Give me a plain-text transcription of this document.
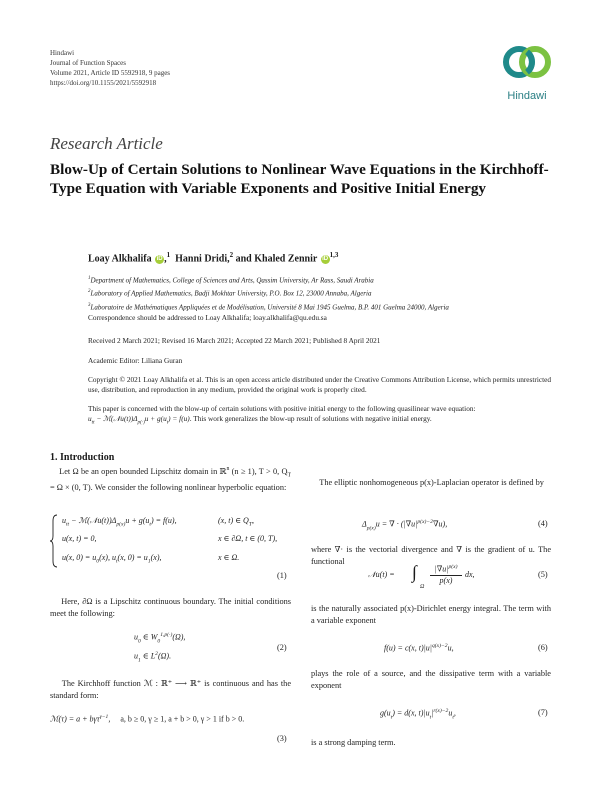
Hindawi
Journal of Function Spaces
Volume 2021, Article ID 5592918, 9 pages
https://doi.org/10.1155/2021/5592918
Hindawi
Research Article
Blow-Up of Certain Solutions to Nonlinear Wave Equations in the Kirchhoff-Type Equation with Variable Exponents and Positive Initial Energy
Loay Alkhalifa iD ,$^1$ Hanni Dridi,$^2$ and Khaled Zennir iD$^{1,3}$
$^1$Department of Mathematics, College of Sciences and Arts, Qassim University, Ar Rass, Saudi Arabia
$^2$Laboratory of Applied Mathematics, Badji Mokhtar University, P.O. Box 12, 23000 Annaba, Algeria
$^3$Laboratoire de Mathématiques Appliquées et de Modélisation, Université 8 Mai 1945 Guelma, B.P. 401 Guelma 24000, Algeria
Correspondence should be addressed to Loay Alkhalifa; loay.alkhalifa@qu.edu.sa
Received 2 March 2021; Revised 16 March 2021; Accepted 22 March 2021; Published 8 April 2021
Academic Editor: Liliana Guran
Copyright © 2021 Loay Alkhalifa et al. This is an open access article distributed under the Creative Commons Attribution License, which permits unrestricted use, distribution, and reproduction in any medium, provided the original work is properly cited.
This paper is concerned with the blow-up of certain solutions with positive initial energy to the following quasilinear wave equation:
$u_{tt}$ − $ℳ(𝒩u(t))\Delta_{p(\cdot)}u + g(u_t) = f(u)$. This work generalizes the blow-up result of solutions with negative initial energy.
1. Introduction
Let Ω be an open bounded Lipschitz domain in ℝ$^n$ (n ≥ 1), T > 0, $Q_T = \Omega \times (0$, T). We consider the following nonlinear hyperbolic equation:
$u_{tt}$ − $ℳ(𝒩u(t))\Delta_{p(x)}u + g(u_t) = f(u)$,	(x, t) ∈ $Q_T$,
u(x, t) = 0,	x ∈ ∂Ω, t ∈ (0, T),
u(x, $0) = u_0(x)$, $u_t(x$, $0) = u_1(x)$,	x ∈ Ω.
(1)
Here, ∂Ω is a Lipschitz continuous boundary. The initial conditions meet the following:
$u_0$ ∈ $W_0^{1,p(\cdot)}(\Omega)$,
$u_1$ ∈ $L^2(\Omega)$.
(2)
The Kirchhoff function ℳ : ℝ⁺ ⟶ ℝ⁺ is continuous and has the standard form:
ℳ(τ) = a + bγτ$^{\gamma-1}$,     a, b ≥ 0, γ ≥ 1, a + b > 0, γ > 1 if b > 0.
(3)
The elliptic nonhomogeneous p(x)-Laplacian operator is defined by
$\Delta_{p(x)}u$ = ∇ · $(|\nabla u|^{p(x)-2}\nabla u)$,	(4)

where ∇· is the vectorial divergence and ∇ is the gradient of u. The functional
𝒩u(t) = ∫
Ω
$|\nabla u|^{p(x)}$
p(x)
dx,	(5)
is the naturally associated p(x)-Dirichlet energy integral. The term with a variable exponent
f(u) = c(x, $t)|u|^{q(x)-2}u$,	(6)
plays the role of a source, and the dissipative term with a variable exponent
$g(u_t) = d(x$, $t)|u_t|^{r(x)-2}u_t$,	(7)
is a strong damping term.
